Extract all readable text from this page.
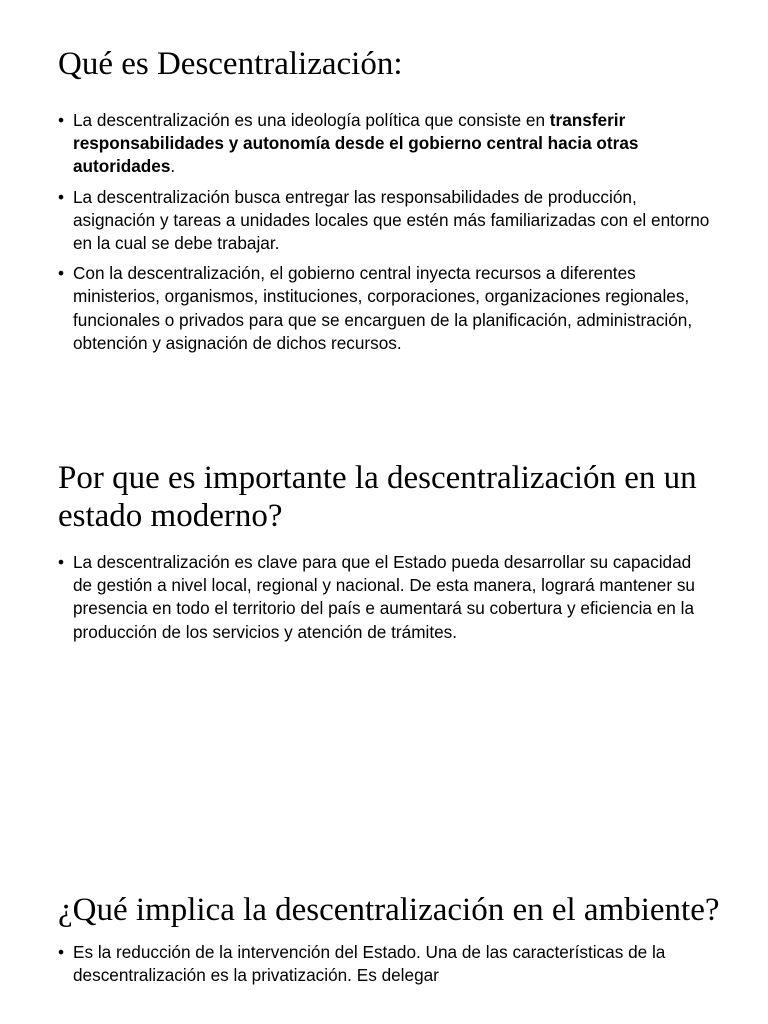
Qué es Descentralización:
• La descentralización es una ideología política que consiste en transferir responsabilidades y autonomía desde el gobierno central hacia otras autoridades.
• La descentralización busca entregar las responsabilidades de producción, asignación y tareas a unidades locales que estén más familiarizadas con el entorno en la cual se debe trabajar.
• Con la descentralización, el gobierno central inyecta recursos a diferentes ministerios, organismos, instituciones, corporaciones, organizaciones regionales, funcionales o privados para que se encarguen de la planificación, administración, obtención y asignación de dichos recursos.
Por que es importante la descentralización en un estado moderno?
• La descentralización es clave para que el Estado pueda desarrollar su capacidad de gestión a nivel local, regional y nacional. De esta manera, logrará mantener su presencia en todo el territorio del país e aumentará su cobertura y eficiencia en la producción de los servicios y atención de trámites.
¿Qué implica la descentralización en el ambiente?
• Es la reducción de la intervención del Estado. Una de las características de la descentralización es la privatización. Es delegar
